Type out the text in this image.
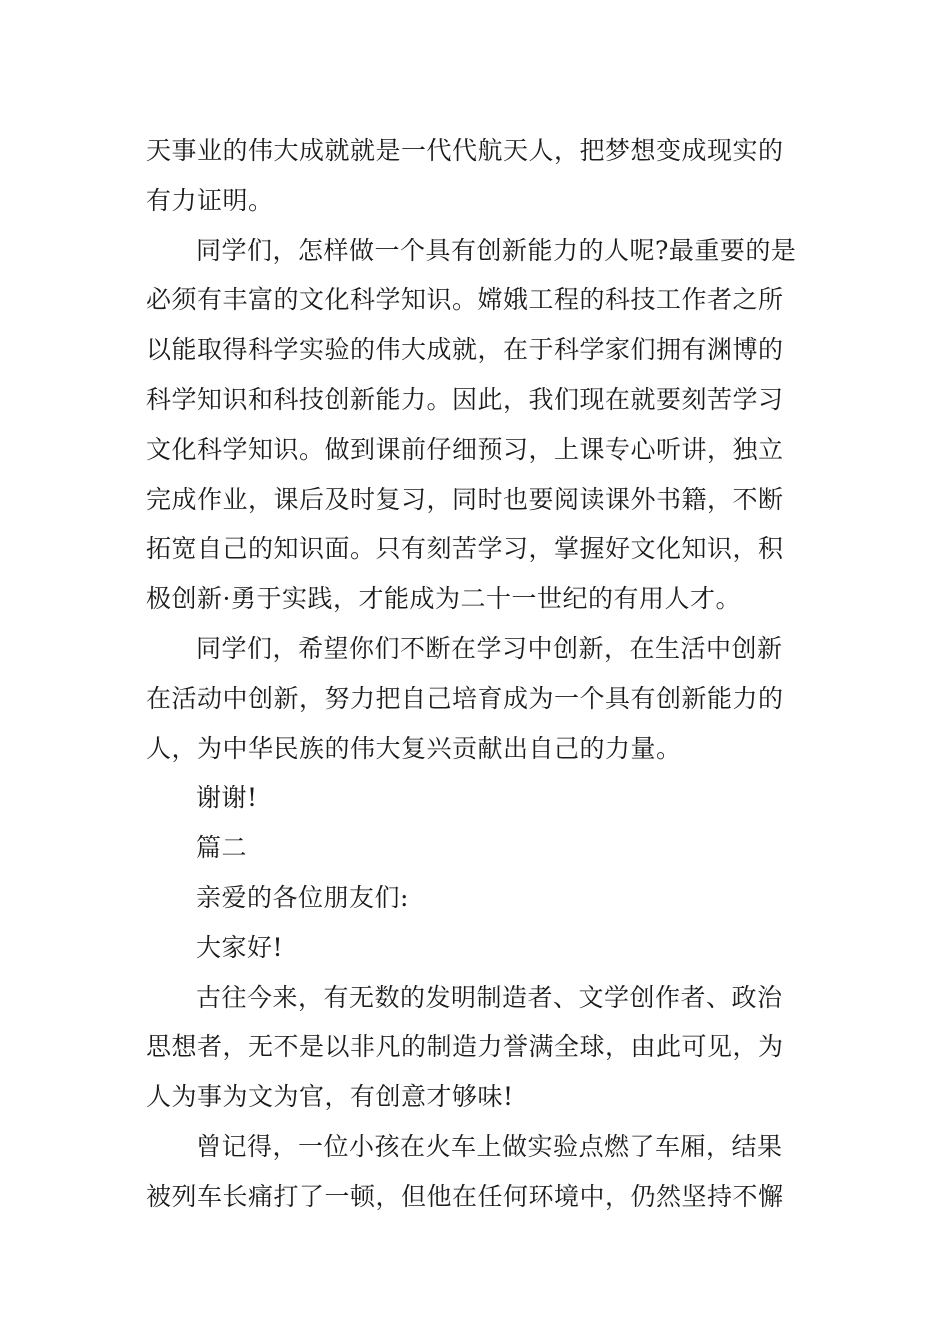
天事业的伟大成就就是一代代航天人，把梦想变成现实的
有力证明。
同学们，怎样做一个具有创新能力的人呢?最重要的是
必须有丰富的文化科学知识。嫦娥工程的科技工作者之所
以能取得科学实验的伟大成就，在于科学家们拥有渊博的
科学知识和科技创新能力。因此，我们现在就要刻苦学习
文化科学知识。做到课前仔细预习，上课专心听讲，独立
完成作业，课后及时复习，同时也要阅读课外书籍，不断
拓宽自己的知识面。只有刻苦学习，掌握好文化知识，积
极创新·勇于实践，才能成为二十一世纪的有用人才。
同学们，希望你们不断在学习中创新，在生活中创新
在活动中创新，努力把自己培育成为一个具有创新能力的
人，为中华民族的伟大复兴贡献出自己的力量。
谢谢!
篇二
亲爱的各位朋友们:
大家好!
古往今来，有无数的发明制造者、文学创作者、政治
思想者，无不是以非凡的制造力誉满全球，由此可见，为
人为事为文为官，有创意才够味!
曾记得，一位小孩在火车上做实验点燃了车厢，结果
被列车长痛打了一顿，但他在任何环境中，仍然坚持不懈
